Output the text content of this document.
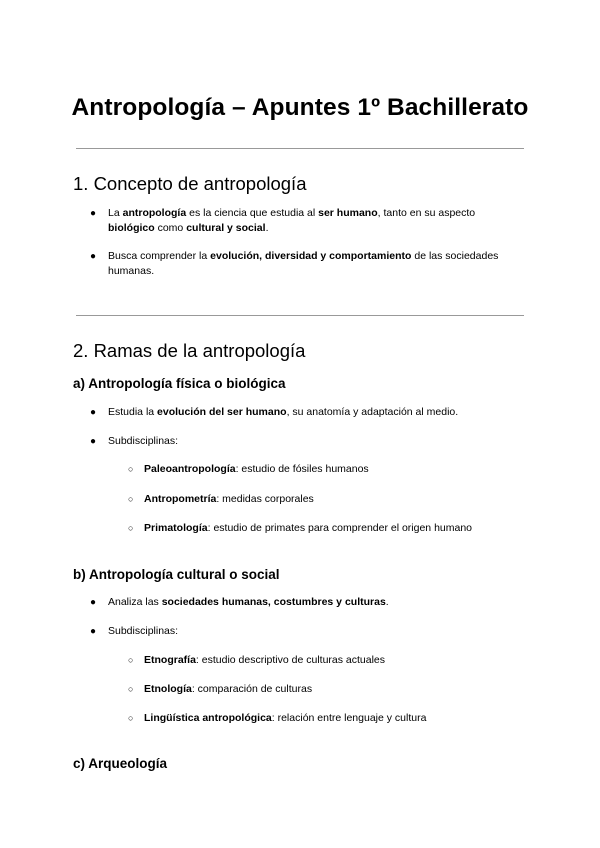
Antropología – Apuntes 1º Bachillerato
1. Concepto de antropología
● La antropología es la ciencia que estudia al ser humano, tanto en su aspecto
biológico como cultural y social.
● Busca comprender la evolución, diversidad y comportamiento de las sociedades
humanas.
2. Ramas de la antropología
a) Antropología física o biológica
● Estudia la evolución del ser humano, su anatomía y adaptación al medio.
● Subdisciplinas:
○ Paleoantropología: estudio de fósiles humanos
○ Antropometría: medidas corporales
○ Primatología: estudio de primates para comprender el origen humano
b) Antropología cultural o social
● Analiza las sociedades humanas, costumbres y culturas.
● Subdisciplinas:
○ Etnografía: estudio descriptivo de culturas actuales
○ Etnología: comparación de culturas
○ Lingüística antropológica: relación entre lenguaje y cultura
c) Arqueología
